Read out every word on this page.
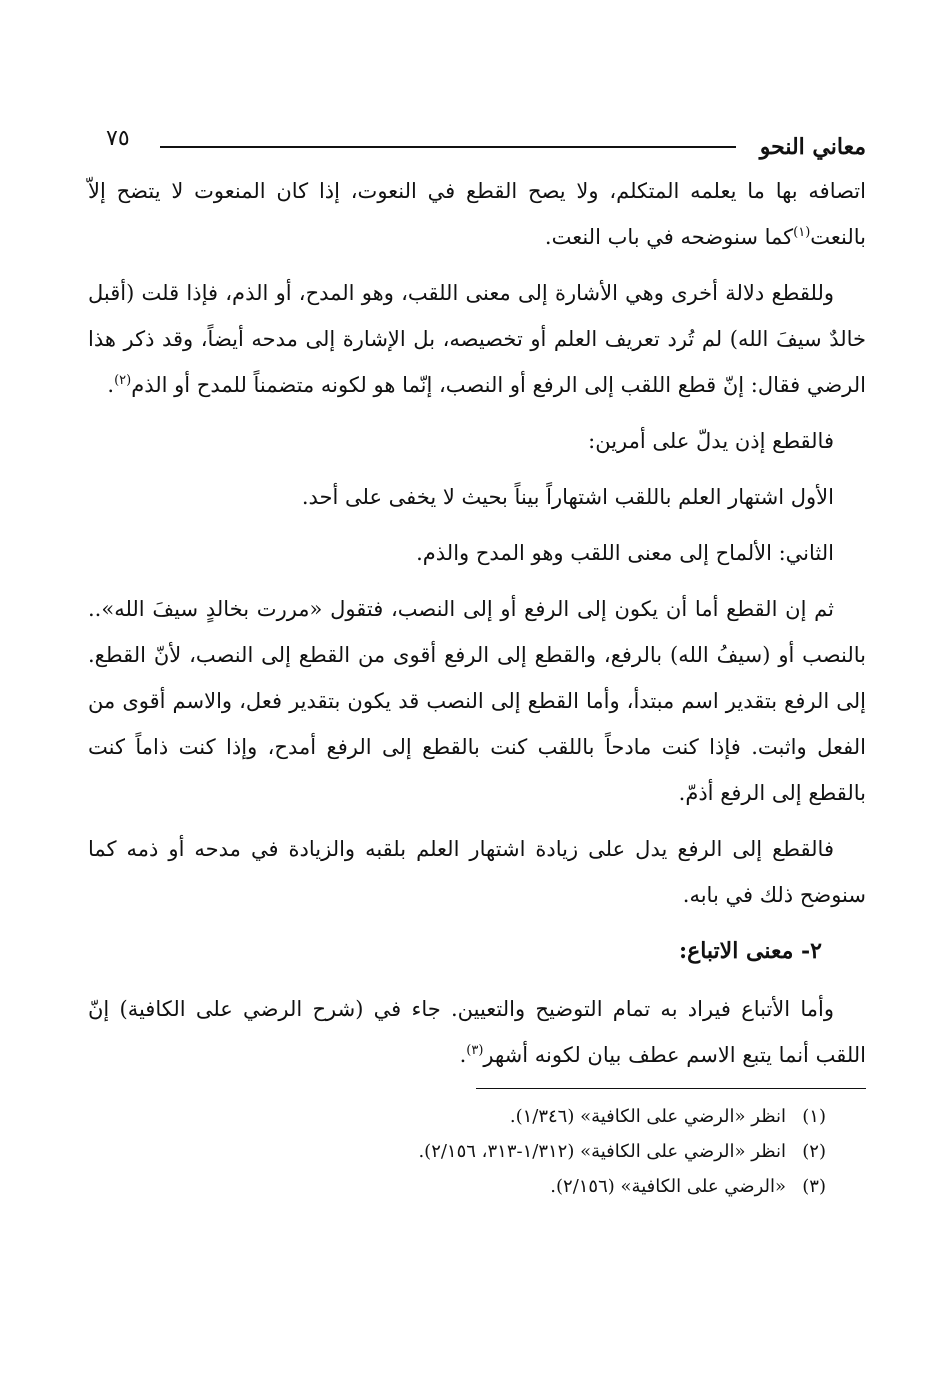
معاني النحو
٧٥

اتصافه بها ما يعلمه المتكلم، ولا يصح القطع في النعوت، إذا كان المنعوت لا يتضح إلاّ بالنعت$^{(١)}$كما سنوضحه في باب النعت.

وللقطع دلالة أخرى وهي الأشارة إلى معنى اللقب، وهو المدح، أو الذم، فإذا قلت (أقبل خالدٌ سيفَ الله) لم تُرد تعريف العلم أو تخصيصه، بل الإشارة إلى مدحه أيضاً، وقد ذكر هذا الرضي فقال: إنّ قطع اللقب إلى الرفع أو النصب، إنّما هو لكونه متضمناً للمدح أو الذم$^{(٢)}$.

فالقطع إذن يدلّ على أمرين:

الأول اشتهار العلم باللقب اشتهاراً بيناً بحيث لا يخفى على أحد.

الثاني: الألماح إلى معنى اللقب وهو المدح والذم.

ثم إن القطع أما أن يكون إلى الرفع أو إلى النصب، فتقول «مررت بخالدٍ سيفَ الله».. بالنصب أو (سيفُ الله) بالرفع، والقطع إلى الرفع أقوى من القطع إلى النصب، لأنّ القطع. إلى الرفع بتقدير اسم مبتدأ، وأما القطع إلى النصب قد يكون بتقدير فعل، والاسم أقوى من الفعل واثبت. فإذا كنت مادحاً باللقب كنت بالقطع إلى الرفع أمدح، وإذا كنت ذاماً كنت بالقطع إلى الرفع أذمّ.

فالقطع إلى الرفع يدل على زيادة اشتهار العلم بلقبه والزيادة في مدحه أو ذمه كما سنوضح ذلك في بابه.

٢- معنى الاتباع:

وأما الأتباع فيراد به تمام التوضيح والتعيين. جاء في (شرح الرضي على الكافية) إنّ اللقب أنما يتبع الاسم عطف بيان لكونه أشهر$^{(٣)}$.

(١)انظر «الرضي على الكافية» (١/٣٤٦).
(٢)انظر «الرضي على الكافية» (١/٣١٢-٣١٣، ٢/١٥٦).
(٣)«الرضي على الكافية» (٢/١٥٦).
